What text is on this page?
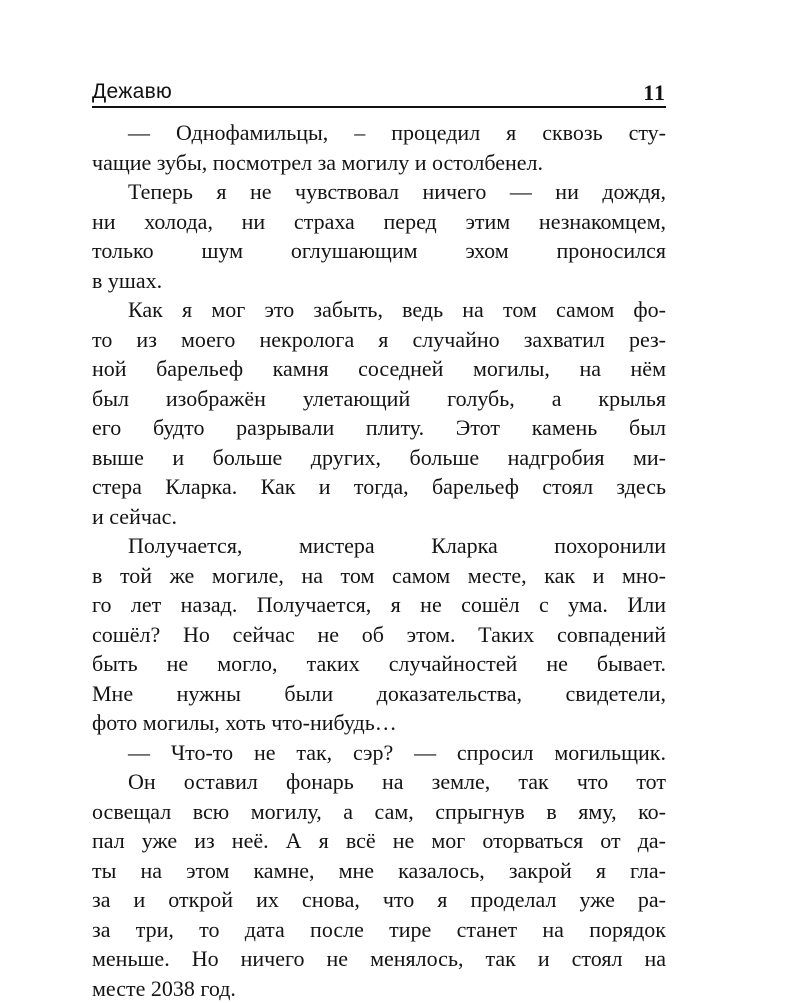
Дежавю	11
— Однофамильцы, – процедил я сквозь сту-
чащие зубы, посмотрел за могилу и остолбенел.
Теперь я не чувствовал ничего — ни дождя,
ни холода, ни страха перед этим незнакомцем,
только шум оглушающим эхом проносился
в ушах.
Как я мог это забыть, ведь на том самом фо-
то из моего некролога я случайно захватил рез-
ной барельеф камня соседней могилы, на нём
был изображён улетающий голубь, а крылья
его будто разрывали плиту. Этот камень был
выше и больше других, больше надгробия ми-
стера Кларка. Как и тогда, барельеф стоял здесь
и сейчас.
Получается, мистера Кларка похоронили
в той же могиле, на том самом месте, как и мно-
го лет назад. Получается, я не сошёл с ума. Или
сошёл? Но сейчас не об этом. Таких совпадений
быть не могло, таких случайностей не бывает.
Мне нужны были доказательства, свидетели,
фото могилы, хоть что-нибудь…
— Что-то не так, сэр? — спросил могильщик.
Он оставил фонарь на земле, так что тот
освещал всю могилу, а сам, спрыгнув в яму, ко-
пал уже из неё. А я всё не мог оторваться от да-
ты на этом камне, мне казалось, закрой я гла-
за и открой их снова, что я проделал уже ра-
за три, то дата после тире станет на порядок
меньше. Но ничего не менялось, так и стоял на
месте 2038 год.
